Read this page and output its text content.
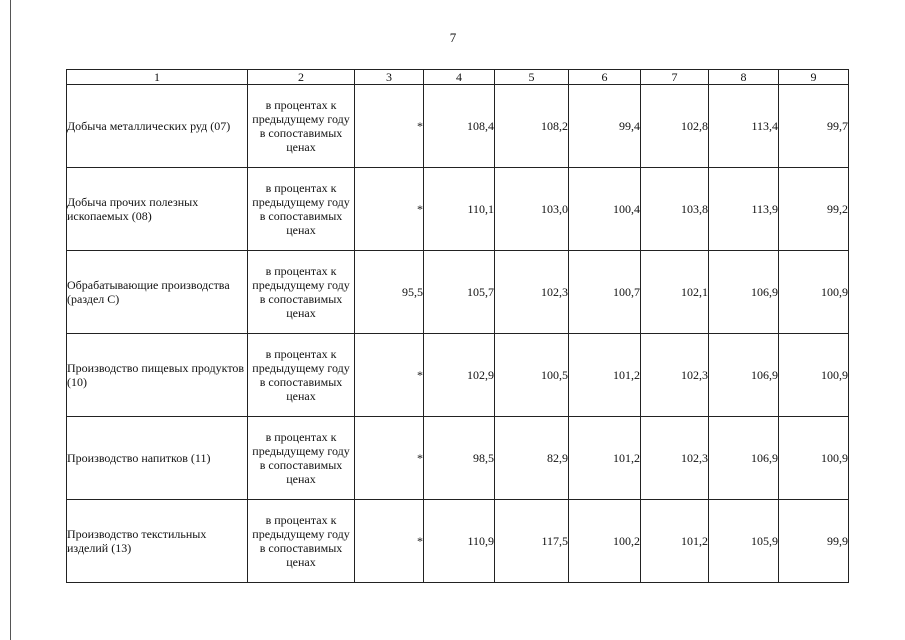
7
1	2	3	4	5	6	7	8	9
Добыча металлических руд (07)	в процентах к предыдущему году в сопоставимых ценах	*	108,4	108,2	99,4	102,8	113,4	99,7
Добыча прочих полезных ископаемых (08)	в процентах к предыдущему году в сопоставимых ценах	*	110,1	103,0	100,4	103,8	113,9	99,2
Обрабатывающие производства (раздел С)	в процентах к предыдущему году в сопоставимых ценах	95,5	105,7	102,3	100,7	102,1	106,9	100,9
Производство пищевых продуктов (10)	в процентах к предыдущему году в сопоставимых ценах	*	102,9	100,5	101,2	102,3	106,9	100,9
Производство напитков (11)	в процентах к предыдущему году в сопоставимых ценах	*	98,5	82,9	101,2	102,3	106,9	100,9
Производство текстильных изделий (13)	в процентах к предыдущему году в сопоставимых ценах	*	110,9	117,5	100,2	101,2	105,9	99,9
